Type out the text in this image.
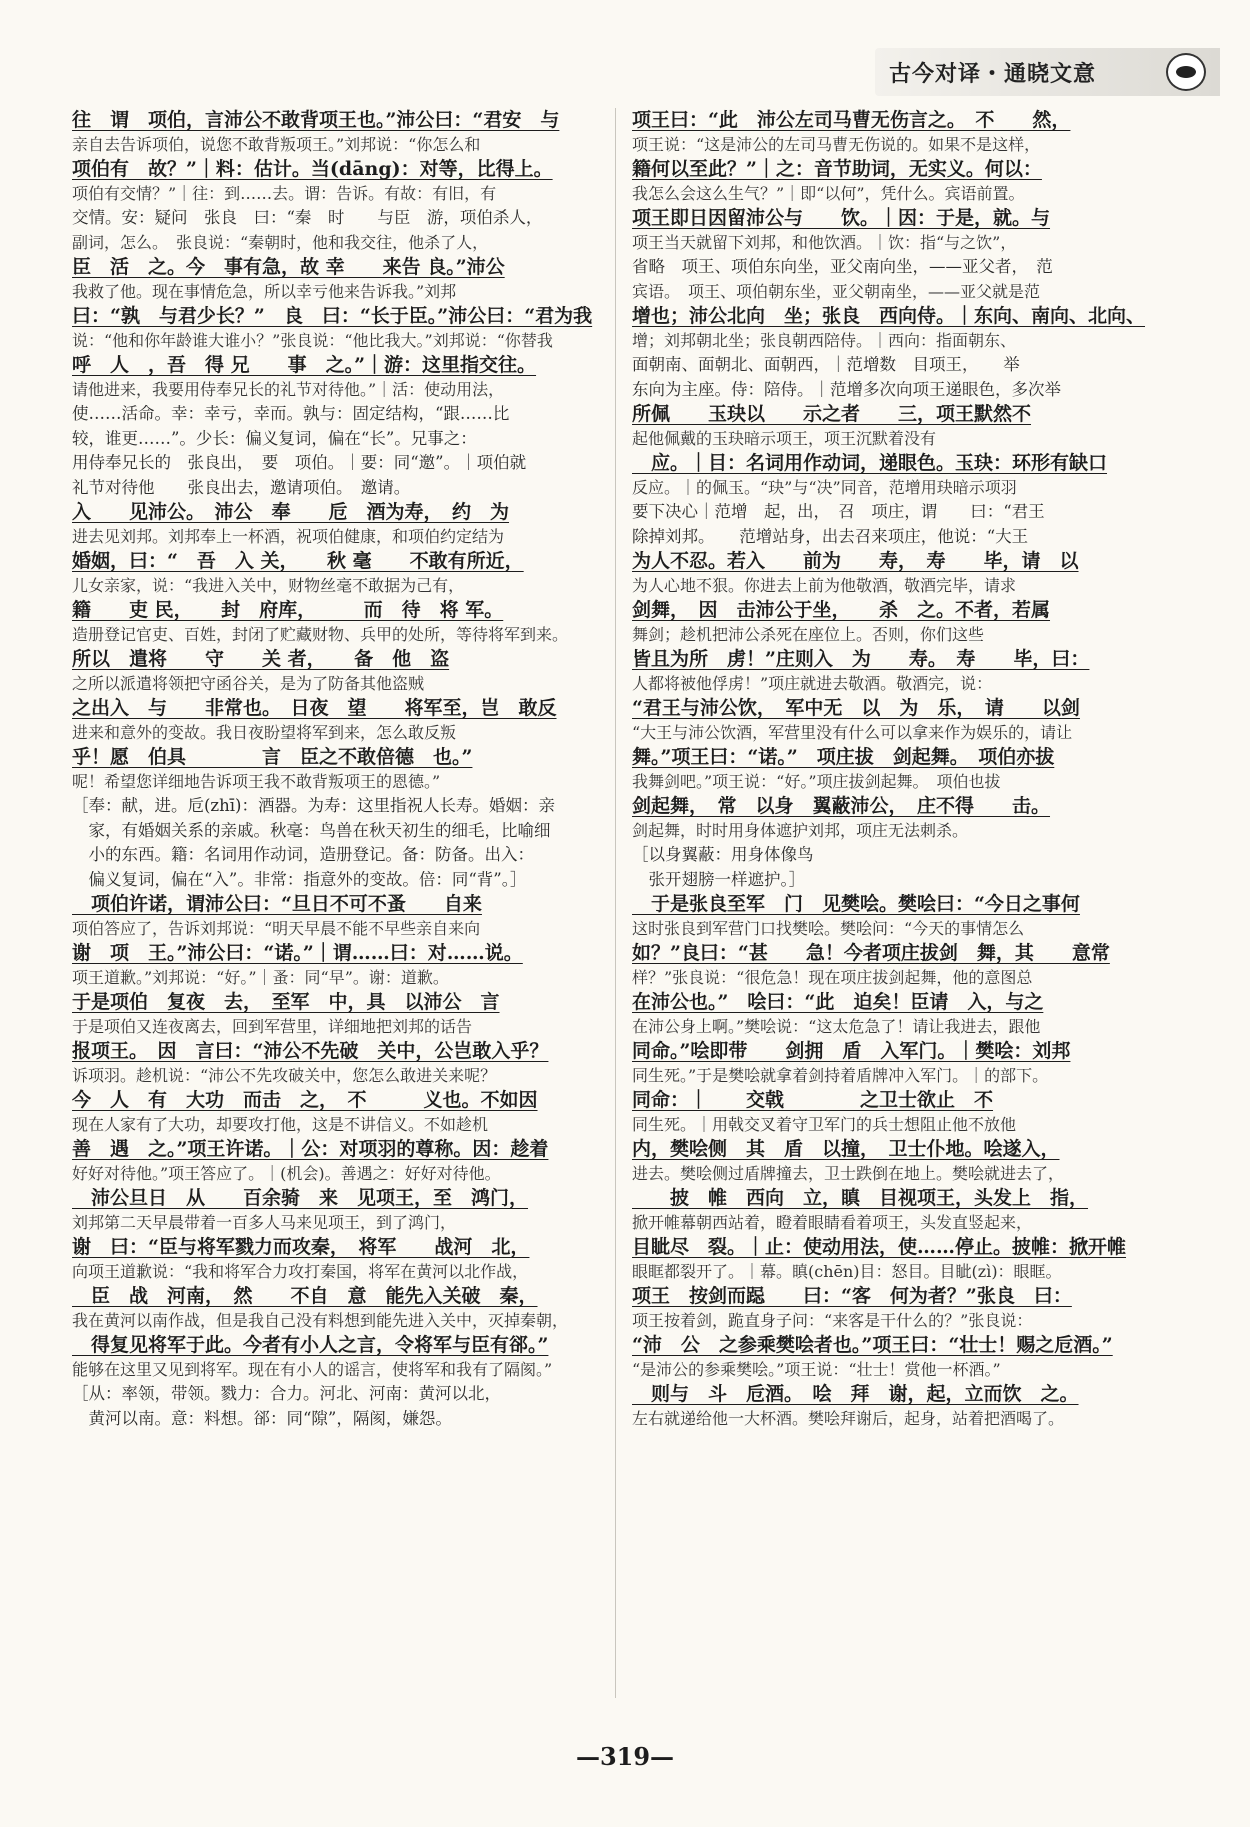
古今对译・通晓文意
往　谓　项伯，言沛公不敢背项王也。”沛公曰：“君安　与
亲自去告诉项伯，说您不敢背叛项王。”刘邦说：“你怎么和
项伯有　故？”｜料：估计。当(dāng)：对等，比得上。
项伯有交情？”｜往：到……去。谓：告诉。有故：有旧，有
交情。安：疑问　张良　曰：“秦　时　　与臣　游，项伯杀人，
副词，怎么。　张良说：“秦朝时，他和我交往，他杀了人，
臣　活　之。今　事有急，故 幸　　来告 良。”沛公
我救了他。现在事情危急，所以幸亏他来告诉我。”刘邦
曰：“孰　与君少长？”　良　曰：“长于臣。”沛公曰：“君为我
说：“他和你年龄谁大谁小？”张良说：“他比我大。”刘邦说：“你替我
呼　人　，吾　得 兄　　事　之。”｜游：这里指交往。
请他进来，我要用侍奉兄长的礼节对待他。”｜活：使动用法，
使……活命。幸：幸亏，幸而。孰与：固定结构，“跟……比
较，谁更……”。少长：偏义复词，偏在“长”。兄事之：
用侍奉兄长的　张良出，　要　项伯。｜要：同“邀”。｜项伯就
礼节对待他　　张良出去，邀请项伯。　邀请。
入　　见沛公。　沛公　奉　　卮　酒为寿，　约　为
进去见刘邦。刘邦奉上一杯酒，祝项伯健康，和项伯约定结为
婚姻，曰：“　吾　入 关，　　秋 毫　　不敢有所近，
儿女亲家，说：“我进入关中，财物丝毫不敢据为己有，
籍　　吏 民，　　封　府库，　　　而　待　将 军。
造册登记官吏、百姓，封闭了贮藏财物、兵甲的处所，等待将军到来。
所以　遣将　　守　　关 者，　　备　他　盗
之所以派遣将领把守函谷关，是为了防备其他盗贼
之出入　与　　非常也。　日夜　望　　将军至，岂　敢反
进来和意外的变故。我日夜盼望将军到来，怎么敢反叛
乎！愿　伯具　　　　言　臣之不敢倍德　也。”
呢！希望您详细地告诉项王我不敢背叛项王的恩德。”
［奉：献，进。卮(zhī)：酒器。为寿：这里指祝人长寿。婚姻：亲
　家，有婚姻关系的亲戚。秋毫：鸟兽在秋天初生的细毛，比喻细
　小的东西。籍：名词用作动词，造册登记。备：防备。出入：
　偏义复词，偏在“入”。非常：指意外的变故。倍：同“背”。］
　项伯许诺，谓沛公曰：“旦日不可不蚤　　自来
项伯答应了，告诉刘邦说：“明天早晨不能不早些亲自来向
谢　项　王。”沛公曰：“诺。”｜谓……曰：对……说。
项王道歉。”刘邦说：“好。”｜蚤：同“早”。谢：道歉。
于是项伯　复夜　去，　至军　中，具　以沛公　言
于是项伯又连夜离去，回到军营里，详细地把刘邦的话告
报项王。　因　言曰：“沛公不先破　关中，公岂敢入乎？
诉项羽。趁机说：“沛公不先攻破关中，您怎么敢进关来呢？
今　人　有　大功　而击　之，　不　　　义也。不如因
现在人家有了大功，却要攻打他，这是不讲信义。不如趁机
善　遇　之。”项王许诺。｜公：对项羽的尊称。因：趁着
好好对待他。”项王答应了。｜(机会)。善遇之：好好对待他。
　沛公旦日　从　　百余骑　来　见项王，至　鸿门，
刘邦第二天早晨带着一百多人马来见项王，到了鸿门，
谢　曰：“臣与将军戮力而攻秦，　将军　　战河　北，
向项王道歉说：“我和将军合力攻打秦国，将军在黄河以北作战，
　臣　战　河南，　然　　不自　意　能先入关破　秦，
我在黄河以南作战，但是我自己没有料想到能先进入关中，灭掉秦朝，
　得复见将军于此。今者有小人之言，令将军与臣有郤。”
能够在这里又见到将军。现在有小人的谣言，使将军和我有了隔阂。”
［从：率领，带领。戮力：合力。河北、河南：黄河以北，
　黄河以南。意：料想。郤：同“隙”，隔阂，嫌怨。
项王曰：“此　沛公左司马曹无伤言之。　不　　然，
项王说：“这是沛公的左司马曹无伤说的。如果不是这样，
籍何以至此？”｜之：音节助词，无实义。何以：
我怎么会这么生气？”｜即“以何”，凭什么。宾语前置。
项王即日因留沛公与　　饮。｜因：于是，就。与
项王当天就留下刘邦，和他饮酒。｜饮：指“与之饮”，
省略　项王、项伯东向坐，亚父南向坐，——亚父者，　范
宾语。　项王、项伯朝东坐，亚父朝南坐，——亚父就是范
增也；沛公北向　坐；张良　西向侍。｜东向、南向、北向、
增；刘邦朝北坐；张良朝西陪侍。｜西向：指面朝东、
面朝南、面朝北、面朝西，｜范增数　目项王，　　举
东向为主座。侍：陪侍。｜范增多次向项王递眼色，多次举
所佩　　玉玦以　　示之者　　三，项王默然不
起他佩戴的玉玦暗示项王，项王沉默着没有
　应。｜目：名词用作动词，递眼色。玉玦：环形有缺口
反应。｜的佩玉。“玦”与“决”同音，范增用玦暗示项羽
要下决心｜范增　起，出，　召　项庄，谓　　曰：“君王
除掉刘邦。　　范增站身，出去召来项庄，他说：“大王
为人不忍。若入　　前为　　寿，　寿　　毕，请　以
为人心地不狠。你进去上前为他敬酒，敬酒完毕，请求
剑舞，　因　击沛公于坐，　　杀　之。不者，若属
舞剑；趁机把沛公杀死在座位上。否则，你们这些
皆且为所　虏！”庄则入　为　　寿。　寿　　毕，曰：
人都将被他俘虏！”项庄就进去敬酒。敬酒完，说：
“君王与沛公饮，　军中无　以　为　乐，　请　　以剑
“大王与沛公饮酒，军营里没有什么可以拿来作为娱乐的，请让
舞。”项王曰：“诺。”　项庄拔　剑起舞。　项伯亦拔
我舞剑吧。”项王说：“好。”项庄拔剑起舞。　项伯也拔
剑起舞，　常　以身　翼蔽沛公，　庄不得　　击。
剑起舞，时时用身体遮护刘邦，项庄无法刺杀。
［以身翼蔽：用身体像鸟
　张开翅膀一样遮护。］
　于是张良至军　门　见樊哙。樊哙曰：“今日之事何
这时张良到军营门口找樊哙。樊哙问：“今天的事情怎么
如？”良曰：“甚　　急！今者项庄拔剑　舞，其　　意常
样？”张良说：“很危急！现在项庄拔剑起舞，他的意图总
在沛公也。”　哙曰：“此　迫矣！臣请　入，与之
在沛公身上啊。”樊哙说：“这太危急了！请让我进去，跟他
同命。”哙即带　　剑拥　盾　入军门。｜樊哙：刘邦
同生死。”于是樊哙就拿着剑持着盾牌冲入军门。｜的部下。
同命：｜　　交戟　　　　之卫士欲止　不
同生死。｜用戟交叉着守卫军门的兵士想阻止他不放他
内，樊哙侧　其　盾　以撞，　卫士仆地。哙遂入，
进去。樊哙侧过盾牌撞去，卫士跌倒在地上。樊哙就进去了，
　　披　帷　西向　立，瞋　目视项王，头发上　指，
掀开帷幕朝西站着，瞪着眼睛看着项王，头发直竖起来，
目眦尽　裂。｜止：使动用法，使……停止。披帷：掀开帷
眼眶都裂开了。｜幕。瞋(chēn)目：怒目。目眦(zì)：眼眶。
项王　按剑而跽　　曰：“客　何为者？”张良　曰：
项王按着剑，跪直身子问：“来客是干什么的？”张良说：
“沛　公　之参乘樊哙者也。”项王曰：“壮士！赐之卮酒。”
“是沛公的参乘樊哙。”项王说：“壮士！赏他一杯酒。”
　则与　斗　卮酒。　哙　拜　谢，起，立而饮　之。
左右就递给他一大杯酒。樊哙拜谢后，起身，站着把酒喝了。
—319—
